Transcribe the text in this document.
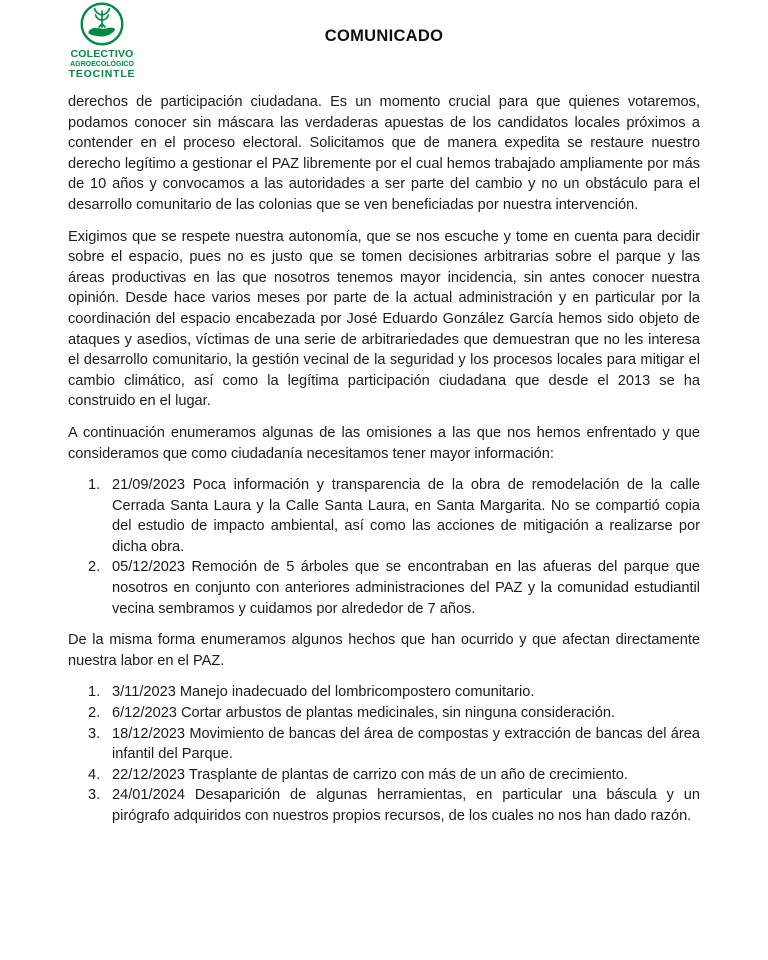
COLECTIVO
AGROECOLÓGICO
TEOCINTLE
COMUNICADO

derechos de participación ciudadana. Es un momento crucial para que quienes votaremos, podamos conocer sin máscara las verdaderas apuestas de los candidatos locales próximos a contender en el proceso electoral. Solicitamos que de manera expedita se restaure nuestro derecho legítimo a gestionar el PAZ libremente por el cual hemos trabajado ampliamente por más de 10 años y convocamos a las autoridades a ser parte del cambio y no un obstáculo para el desarrollo comunitario de las colonias que se ven beneficiadas por nuestra intervención.

Exigimos que se respete nuestra autonomía, que se nos escuche y tome en cuenta para decidir sobre el espacio, pues no es justo que se tomen decisiones arbitrarias sobre el parque y las áreas productivas en las que nosotros tenemos mayor incidencia, sin antes conocer nuestra opinión. Desde hace varios meses por parte de la actual administración y en particular por la coordinación del espacio encabezada por José Eduardo González García hemos sido objeto de ataques y asedios, víctimas de una serie de arbitrariedades que demuestran que no les interesa el desarrollo comunitario, la gestión vecinal de la seguridad y los procesos locales para mitigar el cambio climático, así como la legítima participación ciudadana que desde el 2013 se ha construido en el lugar.

A continuación enumeramos algunas de las omisiones a las que nos hemos enfrentado y que consideramos que como ciudadanía necesitamos tener mayor información:

1. 21/09/2023 Poca información y transparencia de la obra de remodelación de la calle Cerrada Santa Laura y la Calle Santa Laura, en Santa Margarita. No se compartió copia del estudio de impacto ambiental, así como las acciones de mitigación a realizarse por dicha obra.
2. 05/12/2023 Remoción de 5 árboles que se encontraban en las afueras del parque que nosotros en conjunto con anteriores administraciones del PAZ y la comunidad estudiantil vecina sembramos y cuidamos por alrededor de 7 años.

De la misma forma enumeramos algunos hechos que han ocurrido y que afectan directamente nuestra labor en el PAZ.

1. 3/11/2023 Manejo inadecuado del lombricompostero comunitario.
2. 6/12/2023 Cortar arbustos de plantas medicinales, sin ninguna consideración.
3. 18/12/2023 Movimiento de bancas del área de compostas y extracción de bancas del área infantil del Parque.
4. 22/12/2023 Trasplante de plantas de carrizo con más de un año de crecimiento.
3. 24/01/2024 Desaparición de algunas herramientas, en particular una báscula y un pirógrafo adquiridos con nuestros propios recursos, de los cuales no nos han dado razón.
